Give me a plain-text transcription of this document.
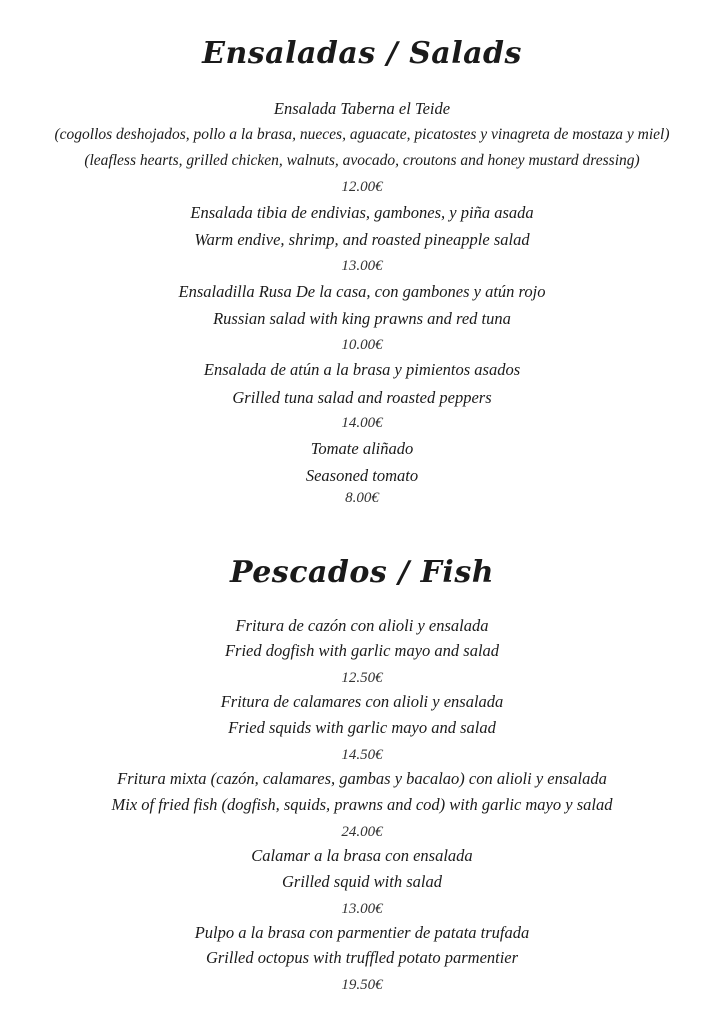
Ensaladas / Salads
Ensalada Taberna el Teide
(cogollos deshojados, pollo a la brasa, nueces, aguacate, picatostes y vinagreta de mostaza y miel)
(leafless hearts, grilled chicken, walnuts, avocado, croutons and honey mustard dressing)
12.00€
Ensalada tibia de endivias, gambones, y piña asada
Warm endive, shrimp, and roasted pineapple salad
13.00€
Ensaladilla Rusa De la casa, con gambones y atún rojo
Russian salad with king prawns and red tuna
10.00€
Ensalada de atún a la brasa y pimientos asados
Grilled tuna salad and roasted peppers
14.00€
Tomate aliñado
Seasoned tomato
8.00€
Pescados / Fish
Fritura de cazón con alioli y ensalada
Fried dogfish with garlic mayo and salad
12.50€
Fritura de calamares con alioli y ensalada
Fried squids with garlic mayo and salad
14.50€
Fritura mixta (cazón, calamares, gambas y bacalao) con alioli y ensalada
Mix of fried fish (dogfish, squids, prawns and cod) with garlic mayo y salad
24.00€
Calamar a la brasa con ensalada
Grilled squid with salad
13.00€
Pulpo a la brasa con parmentier de patata trufada
Grilled octopus with truffled potato parmentier
19.50€
